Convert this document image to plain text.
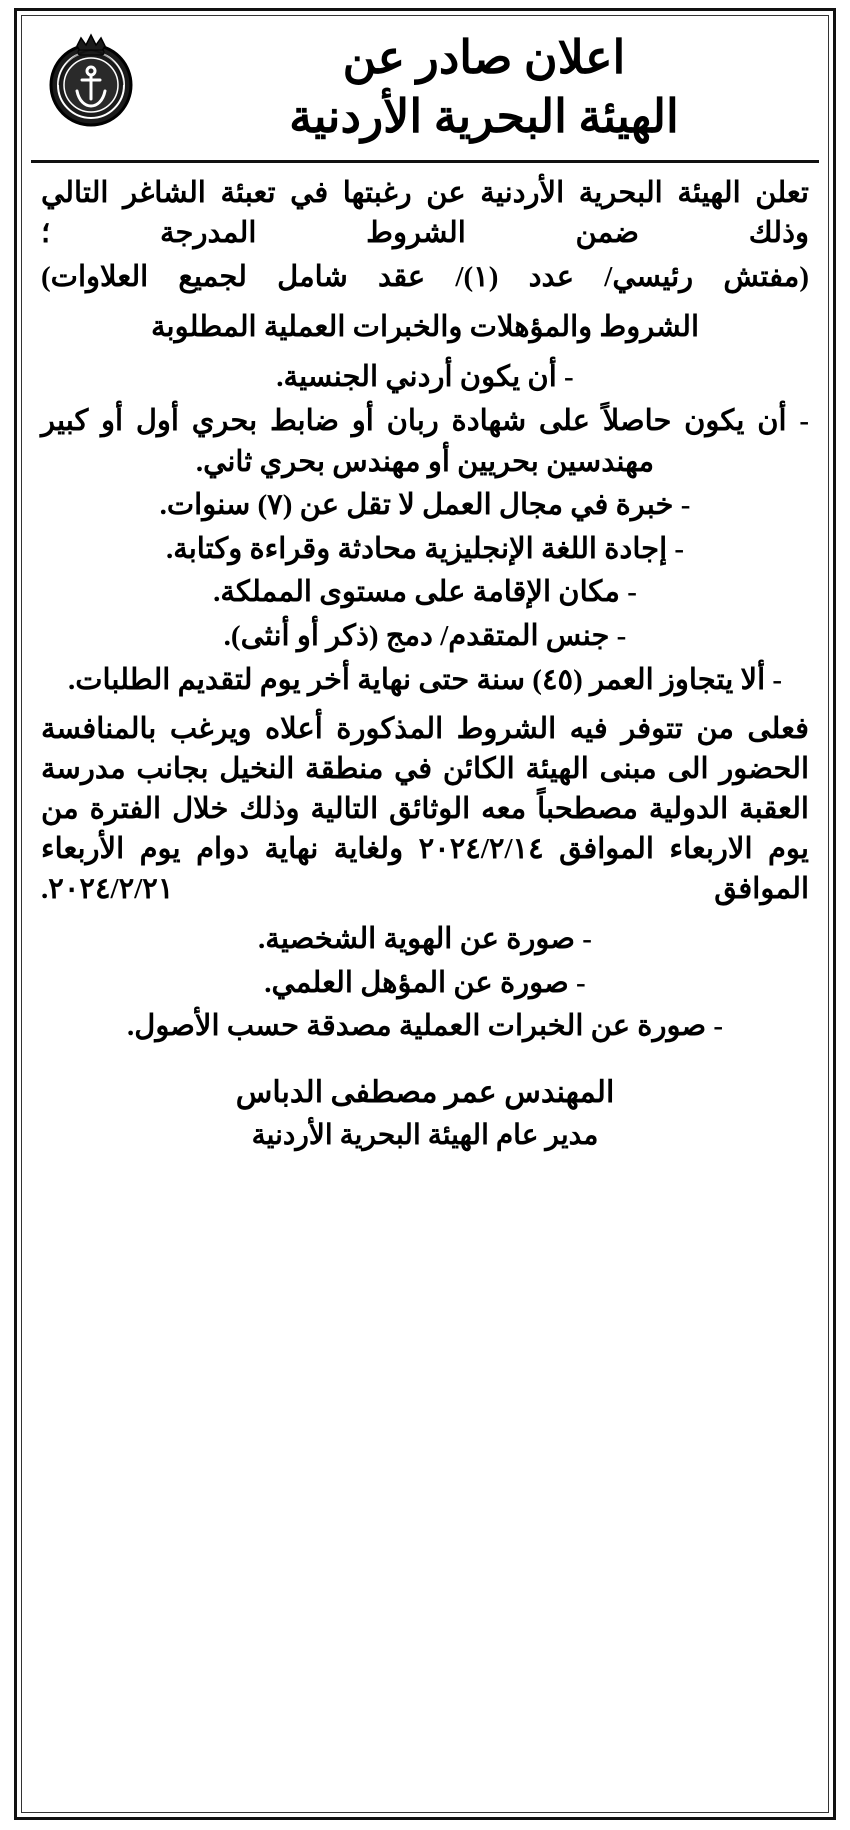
اعلان صادر عن
الهيئة البحرية الأردنية

تعلن الهيئة البحرية الأردنية عن رغبتها في تعبئة الشاغر التالي وذلك ضمن الشروط المدرجة ؛

(مفتش رئيسي/ عدد (١)/ عقد شامل لجميع العلاوات)

الشروط والمؤهلات والخبرات العملية المطلوبة

- أن يكون أردني الجنسية.

- أن يكون حاصلاً على شهادة ربان أو ضابط بحري أول أو كبير مهندسين بحريين أو مهندس بحري ثاني.

- خبرة في مجال العمل لا تقل عن (٧) سنوات.

- إجادة اللغة الإنجليزية محادثة وقراءة وكتابة.

- مكان الإقامة على مستوى المملكة.

- جنس المتقدم/ دمج (ذكر أو أنثى).

- ألا يتجاوز العمر (٤٥) سنة حتى نهاية أخر يوم لتقديم الطلبات.

فعلى من تتوفر فيه الشروط المذكورة أعلاه ويرغب بالمنافسة الحضور الى مبنى الهيئة الكائن في منطقة النخيل بجانب مدرسة العقبة الدولية مصطحباً معه الوثائق التالية وذلك خلال الفترة من يوم الاربعاء الموافق ٢٠٢٤/٢/١٤ ولغاية نهاية دوام يوم الأربعاء الموافق ٢٠٢٤/٢/٢١.

- صورة عن الهوية الشخصية.

- صورة عن المؤهل العلمي.

- صورة عن الخبرات العملية مصدقة حسب الأصول.

المهندس عمر مصطفى الدباس
مدير عام الهيئة البحرية الأردنية
